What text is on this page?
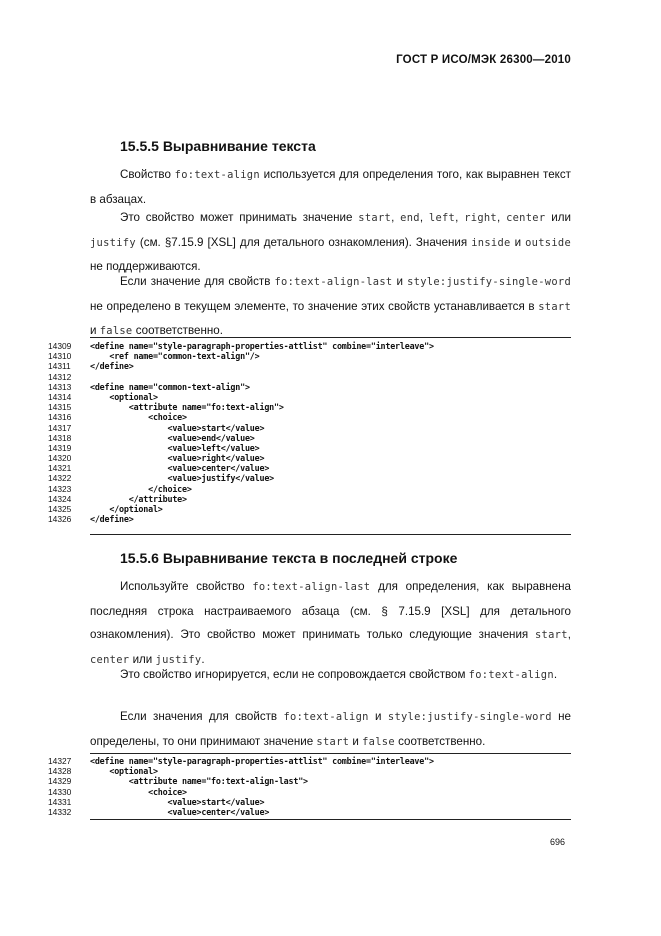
ГОСТ Р ИСО/МЭК 26300—2010
15.5.5 Выравнивание текста
Свойство fo:text-align используется для определения того, как выравнен текст в абзацах.
Это свойство может принимать значение start, end, left, right, center или justify (см. §7.15.9 [XSL] для детального ознакомления). Значения inside и outside не поддерживаются.
Если значение для свойств fo:text-align-last и style:justify-single-word не определено в текущем элементе, то значение этих свойств устанавливается в start и false соответственно.
14309	<define name="style-paragraph-properties-attlist" combine="interleave">
14310	<ref name="common-text-align"/>
14311	</define>
14312
14313	<define name="common-text-align">
14314	<optional>
14315	<attribute name="fo:text-align">
14316	<choice>
14317	<value>start</value>
14318	<value>end</value>
14319	<value>left</value>
14320	<value>right</value>
14321	<value>center</value>
14322	<value>justify</value>
14323	</choice>
14324	</attribute>
14325	</optional>
14326	</define>
15.5.6 Выравнивание текста в последней строке
Используйте свойство fo:text-align-last для определения, как выравнена последняя строка настраиваемого абзаца (см. § 7.15.9 [XSL] для детального ознакомления). Это свойство может принимать только следующие значения start, center или justify.
Это свойство игнорируется, если не сопровождается свойством fo:text-align.
Если значения для свойств fo:text-align и style:justify-single-word не определены, то они принимают значение start и false соответственно.
14327	<define name="style-paragraph-properties-attlist" combine="interleave">
14328	<optional>
14329	<attribute name="fo:text-align-last">
14330	<choice>
14331	<value>start</value>
14332	<value>center</value>
696
